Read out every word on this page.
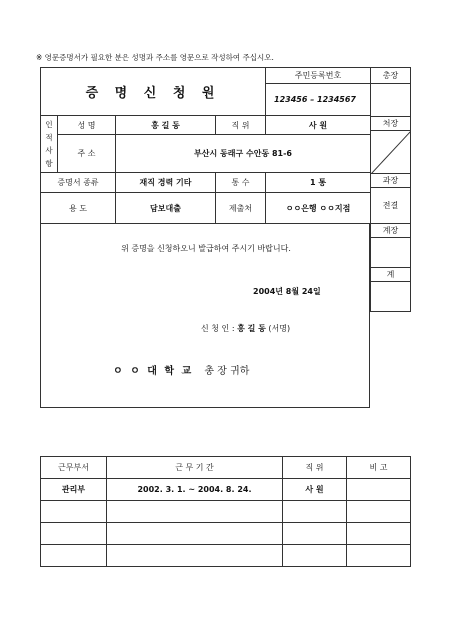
※ 영문증명서가 필요한 분은 성명과 주소를 영문으로 작성하여 주십시오.
증 명 신 청 원				주민등록번호
				123456 – 1234567
인
적
사
항	성 명	홍 길 동	직 위	사 원
	주 소	부산시 동래구 수안동 81-6		
증명서 종류		재직 경력 기타	통 수	1 통
용 도		담보대출	제출처	ㅇㅇ은행 ㅇㅇ지점
위 증명을 신청하오니 발급하여 주시기 바랍니다.
2004년 8월 24일
신 청 인 : 홍 길 동 (서명)
ㅇ ㅇ 대 학 교 총 장 귀하
총장

처장

과장
전결
계장

계

근무부서	근 무 기 간	직 위	비 고
관리부	2002. 3. 1. ~ 2004. 8. 24.	사 원	
